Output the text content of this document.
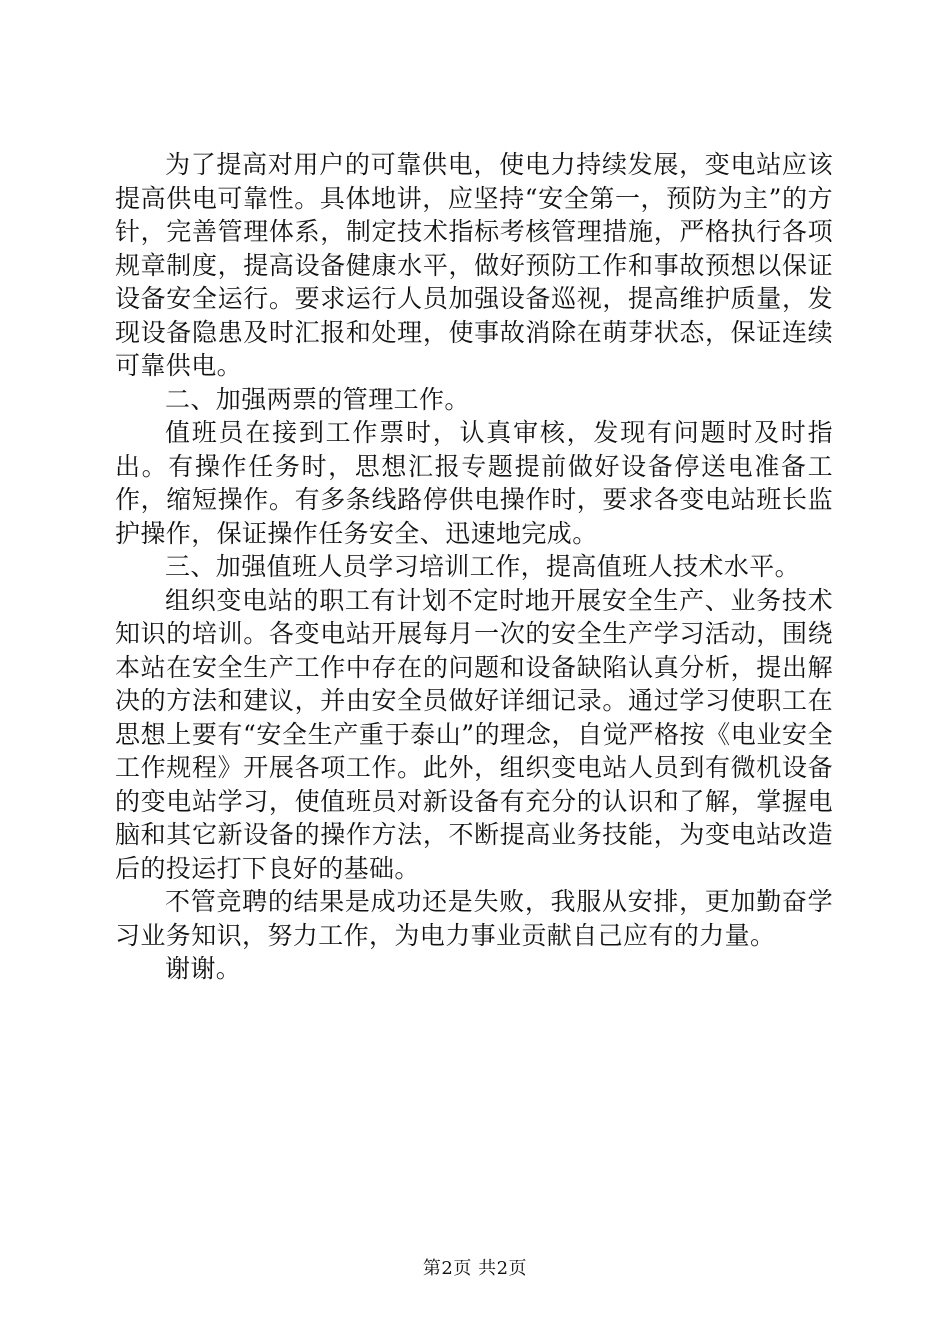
为了提高对用户的可靠供电，使电力持续发展，变电站应该提高供电可靠性。具体地讲，应坚持“安全第一，预防为主”的方针，完善管理体系，制定技术指标考核管理措施，严格执行各项规章制度，提高设备健康水平，做好预防工作和事故预想以保证设备安全运行。要求运行人员加强设备巡视，提高维护质量，发现设备隐患及时汇报和处理，使事故消除在萌芽状态，保证连续可靠供电。

二、加强两票的管理工作。

值班员在接到工作票时，认真审核，发现有问题时及时指出。有操作任务时，思想汇报专题提前做好设备停送电准备工作，缩短操作。有多条线路停供电操作时，要求各变电站班长监护操作，保证操作任务安全、迅速地完成。

三、加强值班人员学习培训工作，提高值班人技术水平。

组织变电站的职工有计划不定时地开展安全生产、业务技术知识的培训。各变电站开展每月一次的安全生产学习活动，围绕本站在安全生产工作中存在的问题和设备缺陷认真分析，提出解决的方法和建议，并由安全员做好详细记录。通过学习使职工在思想上要有“安全生产重于泰山”的理念，自觉严格按《电业安全工作规程》开展各项工作。此外，组织变电站人员到有微机设备的变电站学习，使值班员对新设备有充分的认识和了解，掌握电脑和其它新设备的操作方法，不断提高业务技能，为变电站改造后的投运打下良好的基础。

不管竞聘的结果是成功还是失败，我服从安排，更加勤奋学习业务知识，努力工作，为电力事业贡献自己应有的力量。

谢谢。

第2页 共2页
